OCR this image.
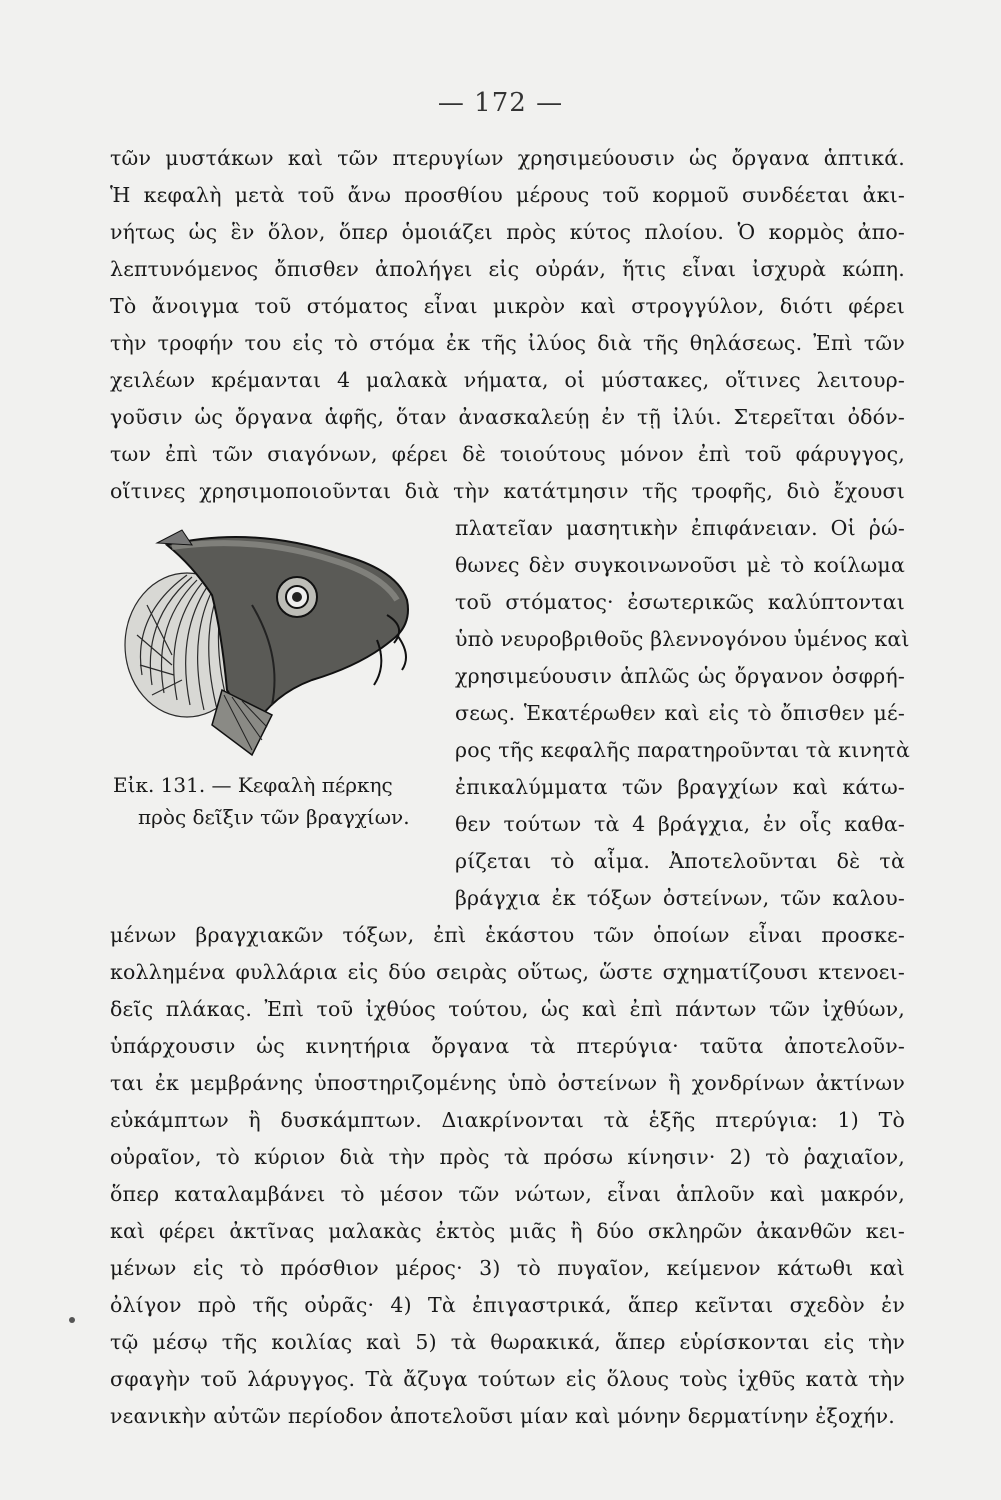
— 172 —
τῶν μυστάκων καὶ τῶν πτερυγίων χρησιμεύουσιν ὡς ὄργανα ἁπτικά.
Ἡ κεφαλὴ μετὰ τοῦ ἄνω προσθίου μέρους τοῦ κορμοῦ συνδέεται ἀκι-
νήτως ὡς ἓν ὅλον, ὅπερ ὁμοιάζει πρὸς κύτος πλοίου. Ὁ κορμὸς ἀπο-
λεπτυνόμενος ὄπισθεν ἀπολήγει εἰς οὐράν, ἥτις εἶναι ἰσχυρὰ κώπη.
Τὸ ἄνοιγμα τοῦ στόματος εἶναι μικρὸν καὶ στρογγύλον, διότι φέρει
τὴν τροφήν του εἰς τὸ στόμα ἐκ τῆς ἰλύος διὰ τῆς θηλάσεως. Ἐπὶ τῶν
χειλέων κρέμανται 4 μαλακὰ νήματα, οἱ μύστακες, οἵτινες λειτουρ-
γοῦσιν ὡς ὄργανα ἁφῆς, ὅταν ἀνασκαλεύῃ ἐν τῇ ἰλύι. Στερεῖται ὀδόν-
των ἐπὶ τῶν σιαγόνων, φέρει δὲ τοιούτους μόνον ἐπὶ τοῦ φάρυγγος,
οἵτινες χρησιμοποιοῦνται διὰ τὴν κατάτμησιν τῆς τροφῆς, διὸ ἔχουσι
πλατεῖαν μασητικὴν ἐπιφάνειαν. Οἱ ῥώ-
θωνες δὲν συγκοινωνοῦσι μὲ τὸ κοίλωμα
τοῦ στόματος· ἐσωτερικῶς καλύπτονται
ὑπὸ νευροβριθοῦς βλεννογόνου ὑμένος καὶ
χρησιμεύουσιν ἁπλῶς ὡς ὄργανον ὀσφρή-
σεως. Ἑκατέρωθεν καὶ εἰς τὸ ὄπισθεν μέ-
ρος τῆς κεφαλῆς παρατηροῦνται τὰ κινητὰ
ἐπικαλύμματα τῶν βραγχίων καὶ κάτω-
θεν τούτων τὰ 4 βράγχια, ἐν οἷς καθα-
ρίζεται τὸ αἷμα. Ἀποτελοῦνται δὲ τὰ
βράγχια ἐκ τόξων ὀστείνων, τῶν καλου-
Εἰκ. 131. — Κεφαλὴ πέρκης
πρὸς δεῖξιν τῶν βραγχίων.
μένων βραγχιακῶν τόξων, ἐπὶ ἑκάστου τῶν ὁποίων εἶναι προσκε-
κολλημένα φυλλάρια εἰς δύο σειρὰς οὕτως, ὥστε σχηματίζουσι κτενοει-
δεῖς πλάκας. Ἐπὶ τοῦ ἰχθύος τούτου, ὡς καὶ ἐπὶ πάντων τῶν ἰχθύων,
ὑπάρχουσιν ὡς κινητήρια ὄργανα τὰ πτερύγια· ταῦτα ἀποτελοῦν-
ται ἐκ μεμβράνης ὑποστηριζομένης ὑπὸ ὀστείνων ἢ χονδρίνων ἀκτίνων
εὐκάμπτων ἢ δυσκάμπτων. Διακρίνονται τὰ ἑξῆς πτερύγια: 1) Τὸ
οὐραῖον, τὸ κύριον διὰ τὴν πρὸς τὰ πρόσω κίνησιν· 2) τὸ ῥαχιαῖον,
ὅπερ καταλαμβάνει τὸ μέσον τῶν νώτων, εἶναι ἁπλοῦν καὶ μακρόν,
καὶ φέρει ἀκτῖνας μαλακὰς ἐκτὸς μιᾶς ἢ δύο σκληρῶν ἀκανθῶν κει-
μένων εἰς τὸ πρόσθιον μέρος· 3) τὸ πυγαῖον, κείμενον κάτωθι καὶ
ὀλίγον πρὸ τῆς οὐρᾶς· 4) Τὰ ἐπιγαστρικά, ἅπερ κεῖνται σχεδὸν ἐν
τῷ μέσῳ τῆς κοιλίας καὶ 5) τὰ θωρακικά, ἅπερ εὑρίσκονται εἰς τὴν
σφαγὴν τοῦ λάρυγγος. Τὰ ἄζυγα τούτων εἰς ὅλους τοὺς ἰχθῦς κατὰ τὴν
νεανικὴν αὐτῶν περίοδον ἀποτελοῦσι μίαν καὶ μόνην δερματίνην ἐξοχήν.
